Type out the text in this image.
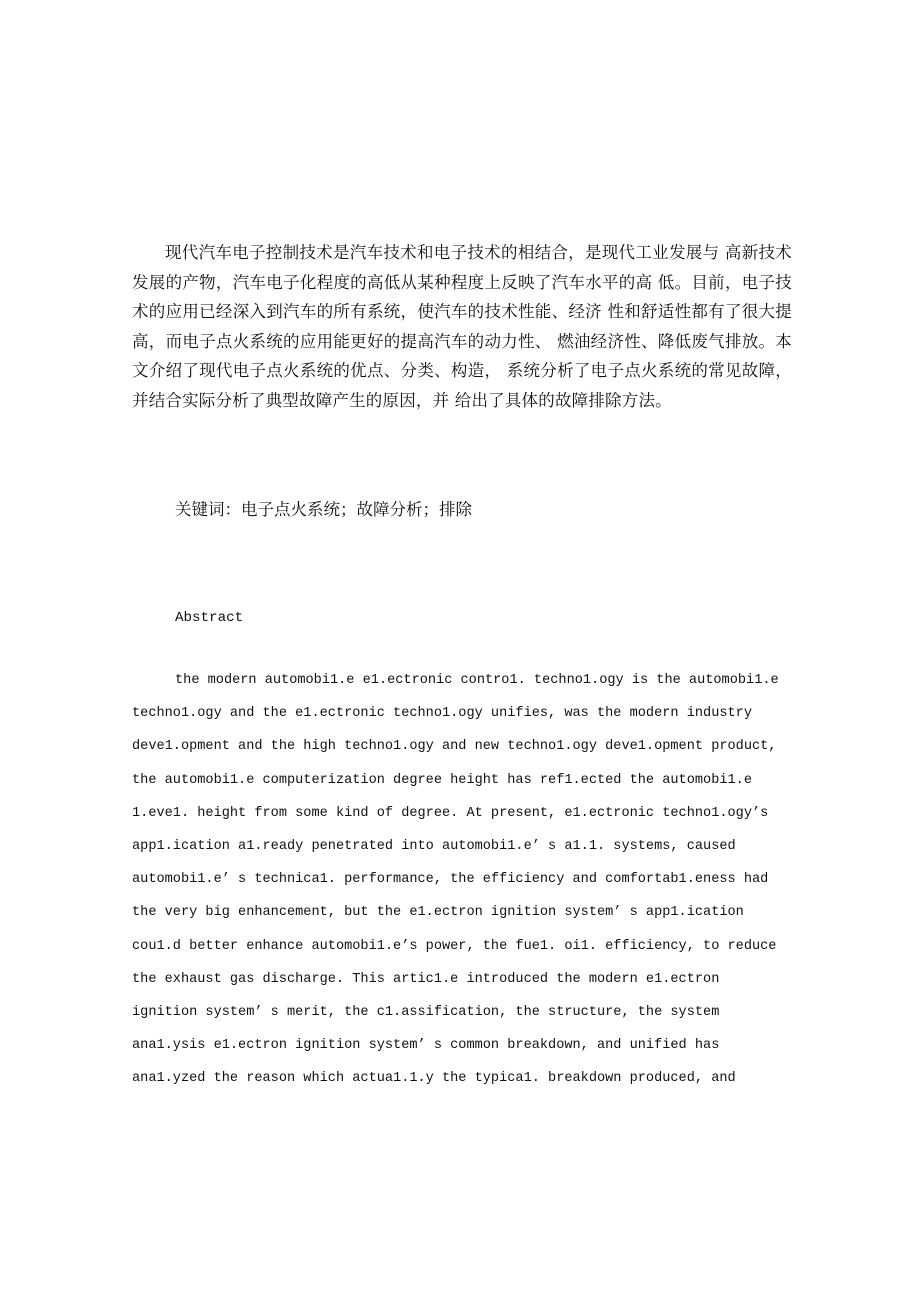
现代汽车电子控制技术是汽车技术和电子技术的相结合，是现代工业发展与 高新技术发展的产物，汽车电子化程度的高低从某种程度上反映了汽车水平的高 低。目前，电子技术的应用已经深入到汽车的所有系统，使汽车的技术性能、经济 性和舒适性都有了很大提高，而电子点火系统的应用能更好的提高汽车的动力性、 燃油经济性、降低废气排放。本文介绍了现代电子点火系统的优点、分类、构造， 系统分析了电子点火系统的常见故障，并结合实际分析了典型故障产生的原因，并 给出了具体的故障排除方法。

关键词：电子点火系统；故障分析；排除

Abstract

the modern automobi1.e e1.ectronic contro1. techno1.ogy is the automobi1.e techno1.ogy and the e1.ectronic techno1.ogy unifies, was the modern industry deve1.opment and the high techno1.ogy and new techno1.ogy deve1.opment product, the automobi1.e computerization degree height has ref1.ected the automobi1.e 1.eve1. height from some kind of degree. At present, e1.ectronic techno1.ogy’s app1.ication a1.ready penetrated into automobi1.e’ s a1.1. systems, caused automobi1.e’ s technica1. performance, the efficiency and comfortab1.eness had the very big enhancement, but the e1.ectron ignition system’ s app1.ication cou1.d better enhance automobi1.e’s power, the fue1. oi1. efficiency, to reduce the exhaust gas discharge. This artic1.e introduced the modern e1.ectron ignition system’ s merit, the c1.assification, the structure, the system ana1.ysis e1.ectron ignition system’ s common breakdown, and unified has ana1.yzed the reason which actua1.1.y the typica1. breakdown produced, and
